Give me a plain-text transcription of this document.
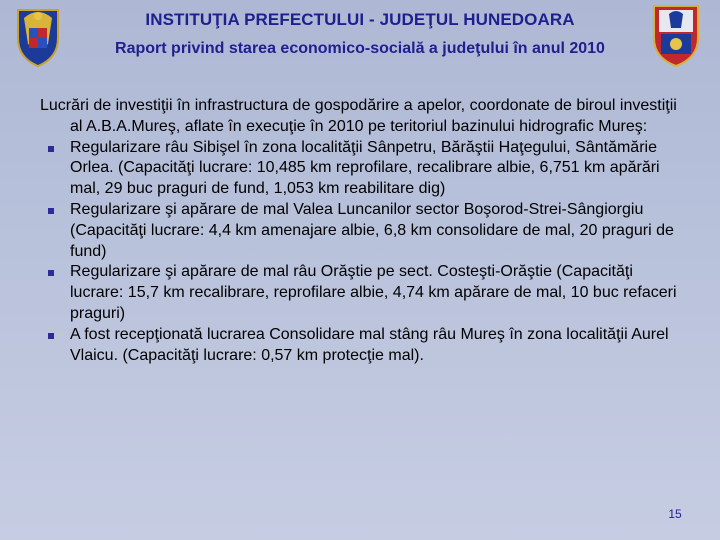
INSTITUŢIA PREFECTULUI - JUDEŢUL HUNEDOARA
Raport privind starea economico-socială a judeţului în anul 2010

Lucrări de investiţii în infrastructura de gospodărire a apelor, coordonate de biroul investiţii al A.B.A.Mureş, aflate în execuţie în 2010 pe teritoriul bazinului hidrografic Mureş:

Regularizare râu Sibişel în zona localităţii Sânpetru, Bărăştii Haţegului, Sântămărie Orlea. (Capacităţi lucrare: 10,485 km reprofilare, recalibrare albie, 6,751 km apărări mal, 29 buc praguri de fund, 1,053 km reabilitare dig)
Regularizare şi apărare de mal Valea Luncanilor sector Boşorod-Strei-Sângiorgiu (Capacităţi lucrare: 4,4 km amenajare albie, 6,8 km consolidare de mal, 20 praguri de fund)
Regularizare şi apărare de mal râu Orăştie pe sect. Costeşti-Orăştie (Capacităţi lucrare: 15,7 km recalibrare, reprofilare albie, 4,74 km apărare de mal, 10 buc refaceri praguri)
A fost recepţionată lucrarea Consolidare mal stâng râu Mureş în zona localităţii Aurel Vlaicu. (Capacităţi lucrare: 0,57 km protecţie mal).
15
